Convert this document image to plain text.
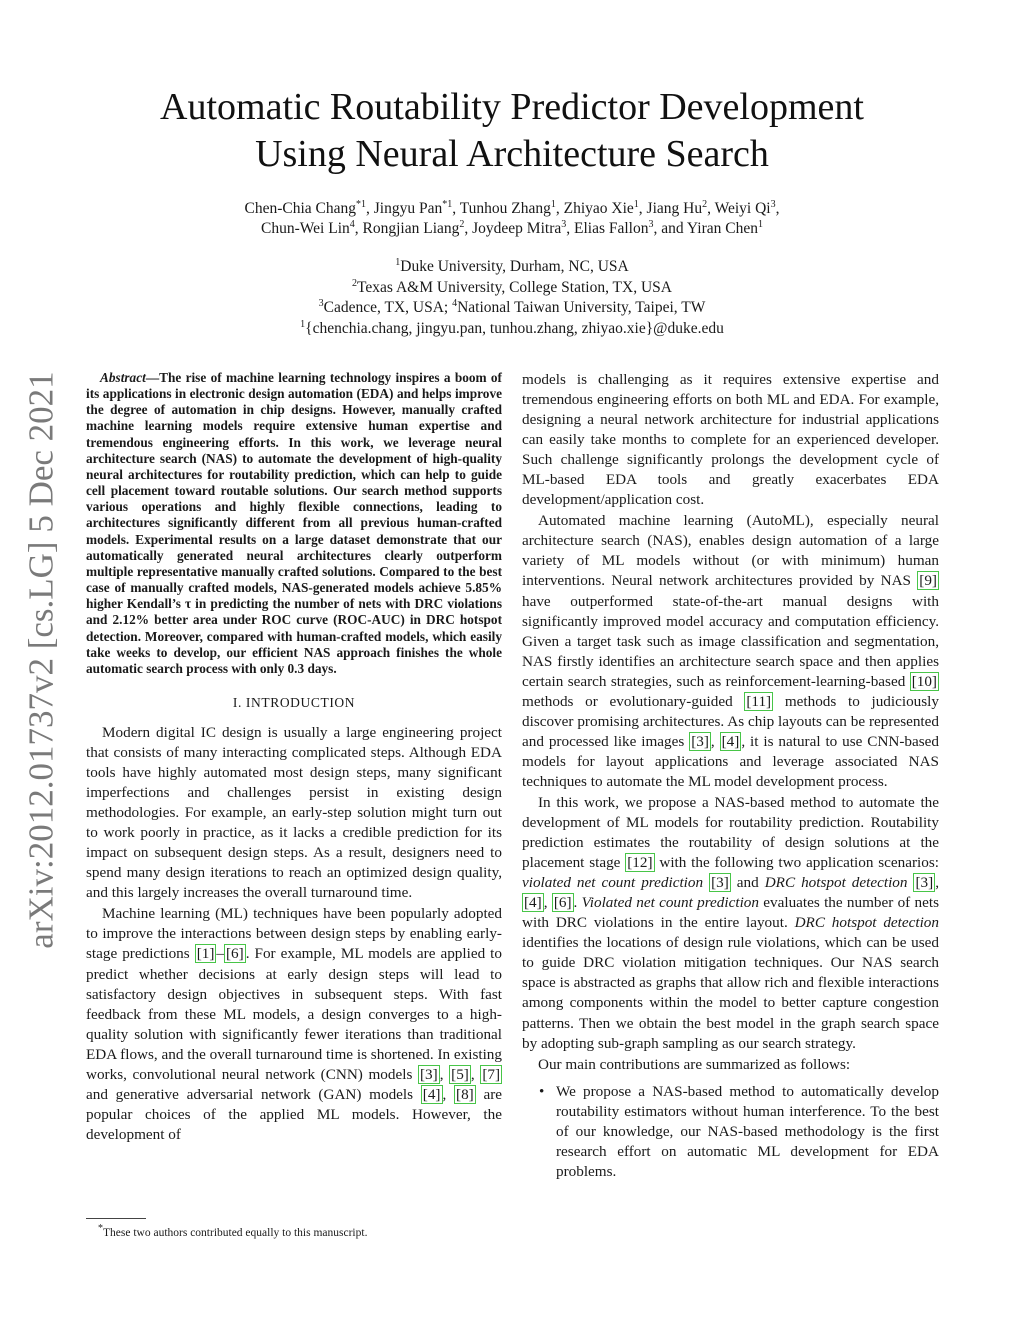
arXiv:2012.01737v2 [cs.LG] 5 Dec 2021
Automatic Routability Predictor Development
Using Neural Architecture Search
Chen-Chia Chang$^{*1}$, Jingyu Pan$^{*1}$, Tunhou Zhang$^1$, Zhiyao Xie$^1$, Jiang Hu$^2$, Weiyi Qi$^3$,
Chun-Wei Lin$^4$, Rongjian Liang$^2$, Joydeep Mitra$^3$, Elias Fallon$^3$, and Yiran Chen$^1$
$^1$Duke University, Durham, NC, USA
$^2$Texas A&M University, College Station, TX, USA
$^3$Cadence, TX, USA; $^4$National Taiwan University, Taipei, TW
$^1${chenchia.chang, jingyu.pan, tunhou.zhang, zhiyao.xie}@duke.edu

Abstract—The rise of machine learning technology inspires a boom of its applications in electronic design automation (EDA) and helps improve the degree of automation in chip designs. However, manually crafted machine learning models require extensive human expertise and tremendous engineering efforts. In this work, we leverage neural architecture search (NAS) to automate the development of high-quality neural architectures for routability prediction, which can help to guide cell placement toward routable solutions. Our search method supports various operations and highly flexible connections, leading to architectures significantly different from all previous human-crafted models. Experimental results on a large dataset demonstrate that our automatically generated neural architectures clearly outperform multiple representative manually crafted solutions. Compared to the best case of manually crafted models, NAS-generated models achieve 5.85% higher Kendall’s τ in predicting the number of nets with DRC violations and 2.12% better area under ROC curve (ROC-AUC) in DRC hotspot detection. Moreover, compared with human-crafted models, which easily take weeks to develop, our efficient NAS approach finishes the whole automatic search process with only 0.3 days.

I. INTRODUCTION

Modern digital IC design is usually a large engineering project that consists of many interacting complicated steps. Although EDA tools have highly automated most design steps, many significant imperfections and challenges persist in existing design methodologies. For example, an early-step solution might turn out to work poorly in practice, as it lacks a credible prediction for its impact on subsequent design steps. As a result, designers need to spend many design iterations to reach an optimized design quality, and this largely increases the overall turnaround time.

Machine learning (ML) techniques have been popularly adopted to improve the interactions between design steps by enabling early-stage predictions [1] – [6] . For example, ML models are applied to predict whether decisions at early design steps will lead to satisfactory design objectives in subsequent steps. With fast feedback from these ML models, a design converges to a high-quality solution with significantly fewer iterations than traditional EDA flows, and the overall turnaround time is shortened. In existing works, convolutional neural network (CNN) models [3] , [5] , [7] and generative adversarial network (GAN) models [4] , [8] are popular choices of the applied ML models. However, the development of

*These two authors contributed equally to this manuscript.

models is challenging as it requires extensive expertise and tremendous engineering efforts on both ML and EDA. For example, designing a neural network architecture for industrial applications can easily take months to complete for an experienced developer. Such challenge significantly prolongs the development cycle of ML-based EDA tools and greatly exacerbates EDA development/application cost.

Automated machine learning (AutoML), especially neural architecture search (NAS), enables design automation of a large variety of ML models without (or with minimum) human interventions. Neural network architectures provided by NAS [9] have outperformed state-of-the-art manual designs with significantly improved model accuracy and computation efficiency. Given a target task such as image classification and segmentation, NAS firstly identifies an architecture search space and then applies certain search strategies, such as reinforcement-learning-based [10] methods or evolutionary-guided [11] methods to judiciously discover promising architectures. As chip layouts can be represented and processed like images [3] , [4] , it is natural to use CNN-based models for layout applications and leverage associated NAS techniques to automate the ML model development process.

In this work, we propose a NAS-based method to automate the development of ML models for routability prediction. Routability prediction estimates the routability of design solutions at the placement stage [12] with the following two application scenarios: violated net count prediction [3] and DRC hotspot detection [3] , [4] , [6] . Violated net count prediction evaluates the number of nets with DRC violations in the entire layout. DRC hotspot detection identifies the locations of design rule violations, which can be used to guide DRC violation mitigation techniques. Our NAS search space is abstracted as graphs that allow rich and flexible interactions among components within the model to better capture congestion patterns. Then we obtain the best model in the graph search space by adopting sub-graph sampling as our search strategy.

Our main contributions are summarized as follows:

• We propose a NAS-based method to automatically develop routability estimators without human interference. To the best of our knowledge, our NAS-based methodology is the first research effort on automatic ML development for EDA problems.
